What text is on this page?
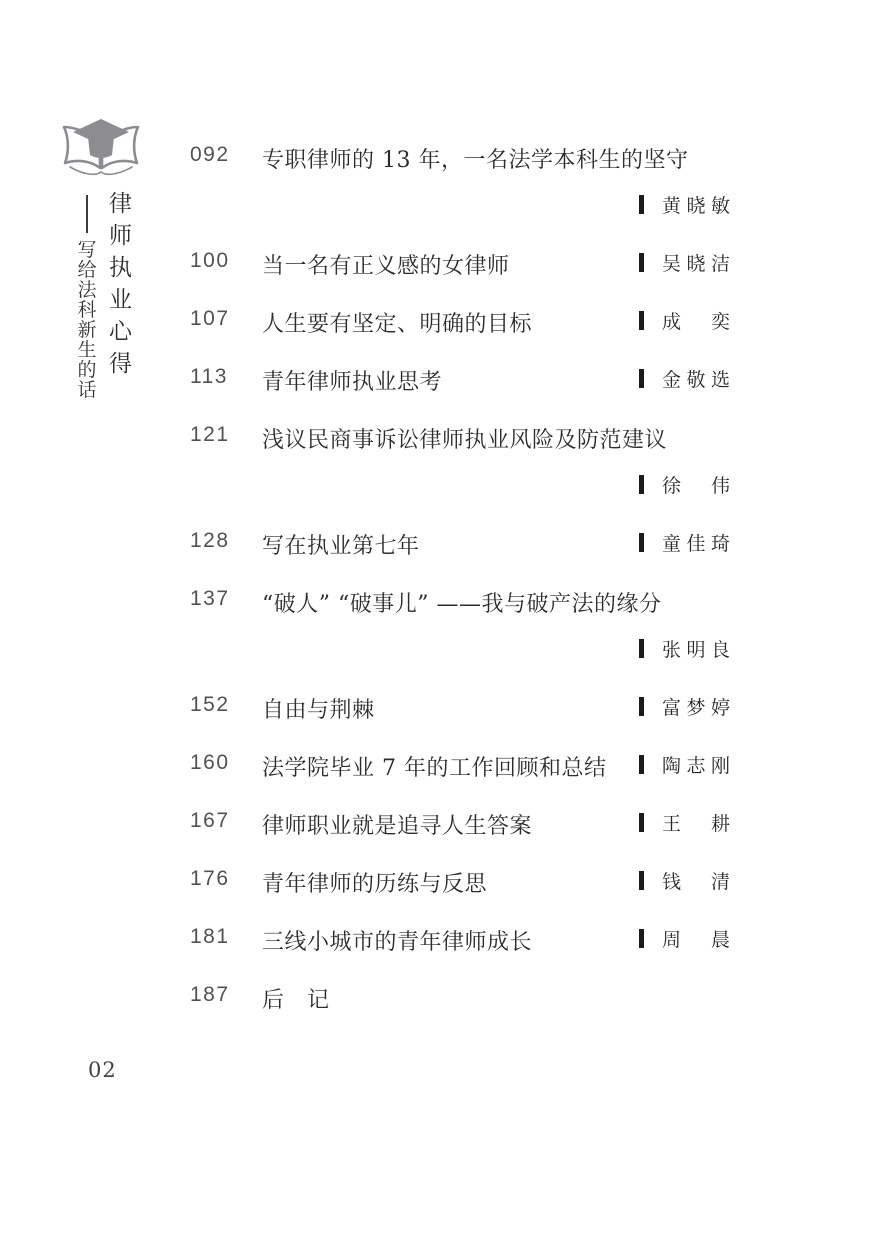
写
给
法
科
新
生
的
话
律
师
执
业
心
得
092	专职律师的 13 年，一名法学本科生的坚守
黄 晓 敏
100	当一名有正义感的女律师	吴 晓 洁
107	人生要有坚定、明确的目标	成 奕
113	青年律师执业思考	金 敬 选
121	浅议民商事诉讼律师执业风险及防范建议
徐 伟
128	写在执业第七年	童 佳 琦
137	“破人” “破事儿” ——我与破产法的缘分
张 明 良
152	自由与荆棘	富 梦 婷
160	法学院毕业 7 年的工作回顾和总结	陶 志 刚
167	律师职业就是追寻人生答案	王 耕
176	青年律师的历练与反思	钱 清
181	三线小城市的青年律师成长	周 晨
187	后　记
02
